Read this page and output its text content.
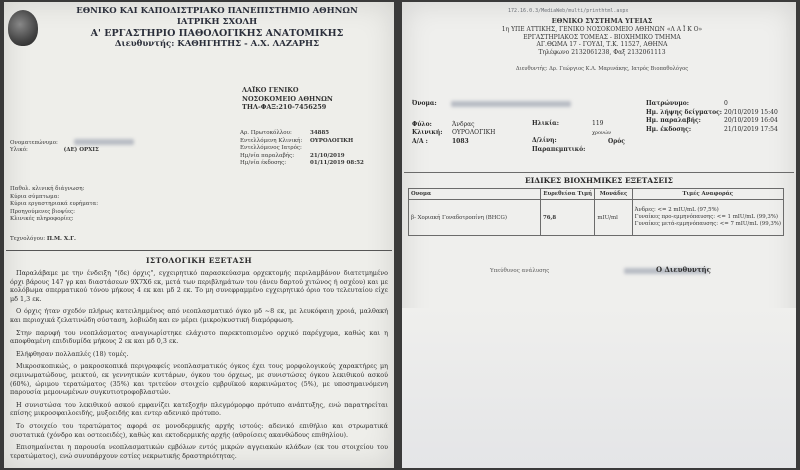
ΕΘΝΙΚΟ ΚΑΙ ΚΑΠΟΔΙΣΤΡΙΑΚΟ ΠΑΝΕΠΙΣΤΗΜΙΟ ΑΘΗΝΩΝ
ΙΑΤΡΙΚΗ ΣΧΟΛΗ
Α' ΕΡΓΑΣΤΗΡΙΟ ΠΑΘΟΛΟΓΙΚΗΣ ΑΝΑΤΟΜΙΚΗΣ
Διευθυντής: ΚΑΘΗΓΗΤΗΣ - Α.Χ. ΛΑΖΑΡΗΣ
ΛΑΪΚΟ ΓΕΝΙΚΟ
ΝΟΣΟΚΟΜΕΙΟ ΑΘΗΝΩΝ
ΤΗΛ-ΦΑΞ:210-7456259
Ονοματεπώνυμο:
Υλικό:	(ΔΕ) ΟΡΧΙΣ
Αρ. Πρωτοκόλλου:	34885
Εντελλόμενη Κλινική: ΟΥΡΟΛΟΓΙΚΗ
Εντελλόμενος Ιατρός:
Ημ/νία παραλαβής:	21/10/2019
Ημ/νία έκδοσης:	01/11/2019 08:52
Παθολ. κλινική διάγνωση:
Κύρια σύμπτωμα:
Κύρια εργαστηριακά ευρήματα:
Προηγούμενες βιοψίες:
Κλινικές πληροφορίες:
Τεχνολόγου: Π.Μ. Χ.Γ.
ΙΣΤΟΛΟΓΙΚΗ ΕΞΕΤΑΣΗ

Παραλάβαμε με την ένδειξη "(δε) όρχις", εγχειρητικό παρασκεύασμα ορχεκτομής περιλαμβάνον διατετμημένο όρχι βάρους 147 γρ και διαστάσεων 9Χ7Χ6 εκ, μετά των περιβλημάτων του (άνευ δαρτού χιτώνος ή οσχέου) και με κολόβωμα σπερματικού τόνου μήκους 4 εκ και μδ 2 εκ. Το μη συνεφραμμένο εγχειρητικό όριο του τελευταίου είχε μδ 1,3 εκ.

Ο όρχις ήταν σχεδόν πλήρως κατειλημμένος από νεοπλασματικό όγκο μδ ~8 εκ, με λευκόφαιη χροιά, μαλθακή και περιοχικά ζελατινώδη σύσταση, λοβιώδη και εν μέρει (μικρο)κυστική διαμόρφωση.

Στην παρυφή του νεοπλάσματος αναγνωρίστηκε ελάχιστο παρεκτοπισμένο ορχικό παρέγχυμα, καθώς και η αποφθαμένη επιδιδυμίδα μήκους 2 εκ και μδ 0,3 εκ.

Ελήφθησαν πολλαπλές (18) τομές.

Μικροσκοπικώς, ο μακροσκοπικά περιγραφείς νεοπλασματικός όγκος έχει τους μορφολογικούς χαρακτήρες μη σεμινωματώδους, μεικτού, εκ γεννητικών κυττάρων, όγκου του όρχεως, με συνιστώσες όγκου λεκιθικού ασκού (60%), ώριμου τερατώματος (35%) και τριτεύον στοιχείο εμβρυϊκού καρκινώματος (5%), με υποσημαινόμενη παρουσία μεμονωμένων συγκυτιοτροφοβλαστών.

Η συνιστώσα του λεκιθικού ασκού εμφανίζει κατεξοχήν πλεγμόμορφο πρότυπο ανάπτυξης, ενώ παρατηρείται επίσης μικροσφαιλοειδής, μυξοειδής και εντερ αδενικό πρότυπο.

Το στοιχείο του τερατώματος αφορά σε μονοδερμικής αρχής ιστούς: αδενικό επιθήλιο και στρωματικά συστατικά (χόνδρο και οστεοειδές), καθώς και εκτοδερμικής αρχής (αθροίσεις ακανθώδους επιθηλίου).

Επισημαίνεται η παρουσία νεοπλασματικών εμβόλων εντός μικρών αγγειακών κλάδων (εκ του στοιχείου του τερατώματος), ενώ συνυπάρχουν εστίες νεκρωτικής δραστηριότητας.

172.16.0.3/MediaWeb/multi/printhtml.aspx
ΕΘΝΙΚΟ ΣΥΣΤΗΜΑ ΥΓΕΙΑΣ
1η ΥΠΕ ΑΤΤΙΚΗΣ, ΓΕΝΙΚΟ ΝΟΣΟΚΟΜΕΙΟ ΑΘΗΝΩΝ «Λ Α Ϊ Κ Ο»
ΕΡΓΑΣΤΗΡΙΑΚΟΣ ΤΟΜΕΑΣ - ΒΙΟΧΗΜΙΚΟ ΤΜΗΜΑ
ΑΓ.ΘΩΜΑ 17 - ΓΟΥΔΙ, Τ.Κ. 11527, ΑΘΗΝΑ
Τηλέφωνο 2132061238, Φαξ 2132061113
Διευθυντής: Δρ. Γεώργιος Κ.Λ. Μαρινάκης, Ιατρός Βιοπαθολόγος
Όνομα:
Φύλο:	Άνδρας
Κλινική: ΟΥΡΟΛΟΓΙΚΗ
Α/Α :	1083
Ηλικία:	119
χρονών
Δ/λίνη:
Παραπεμπτικό:
Ορός
Πατρώνυμο:	0
Ημ. λήψης δείγματος: 20/10/2019 15:40
Ημ. παραλαβής:	20/10/2019 16:04
Ημ. έκδοσης:	21/10/2019 17:54
ΕΙΔΙΚΕΣ ΒΙΟΧΗΜΙΚΕΣ ΕΞΕΤΑΣΕΙΣ
Ονομα	Ευρεθείσα Τιμή	Μονάδες	Τιμές Αναφοράς
β- Χοριακή Γοναδοτροπίνη (BHCG)	76,8	mIU/ml	Άνδρες: <= 2 mIU/mL (97,5%)
Γυναίκες προ-εμμηνόπαυσης: <= 1 mIU/mL (99,3%)
Γυναίκες μετά-εμμηνόπαυσης: <= 7 mIU/mL (99,3%)
Υπεύθυνος ανάλυσης	Ο Διευθυντής
